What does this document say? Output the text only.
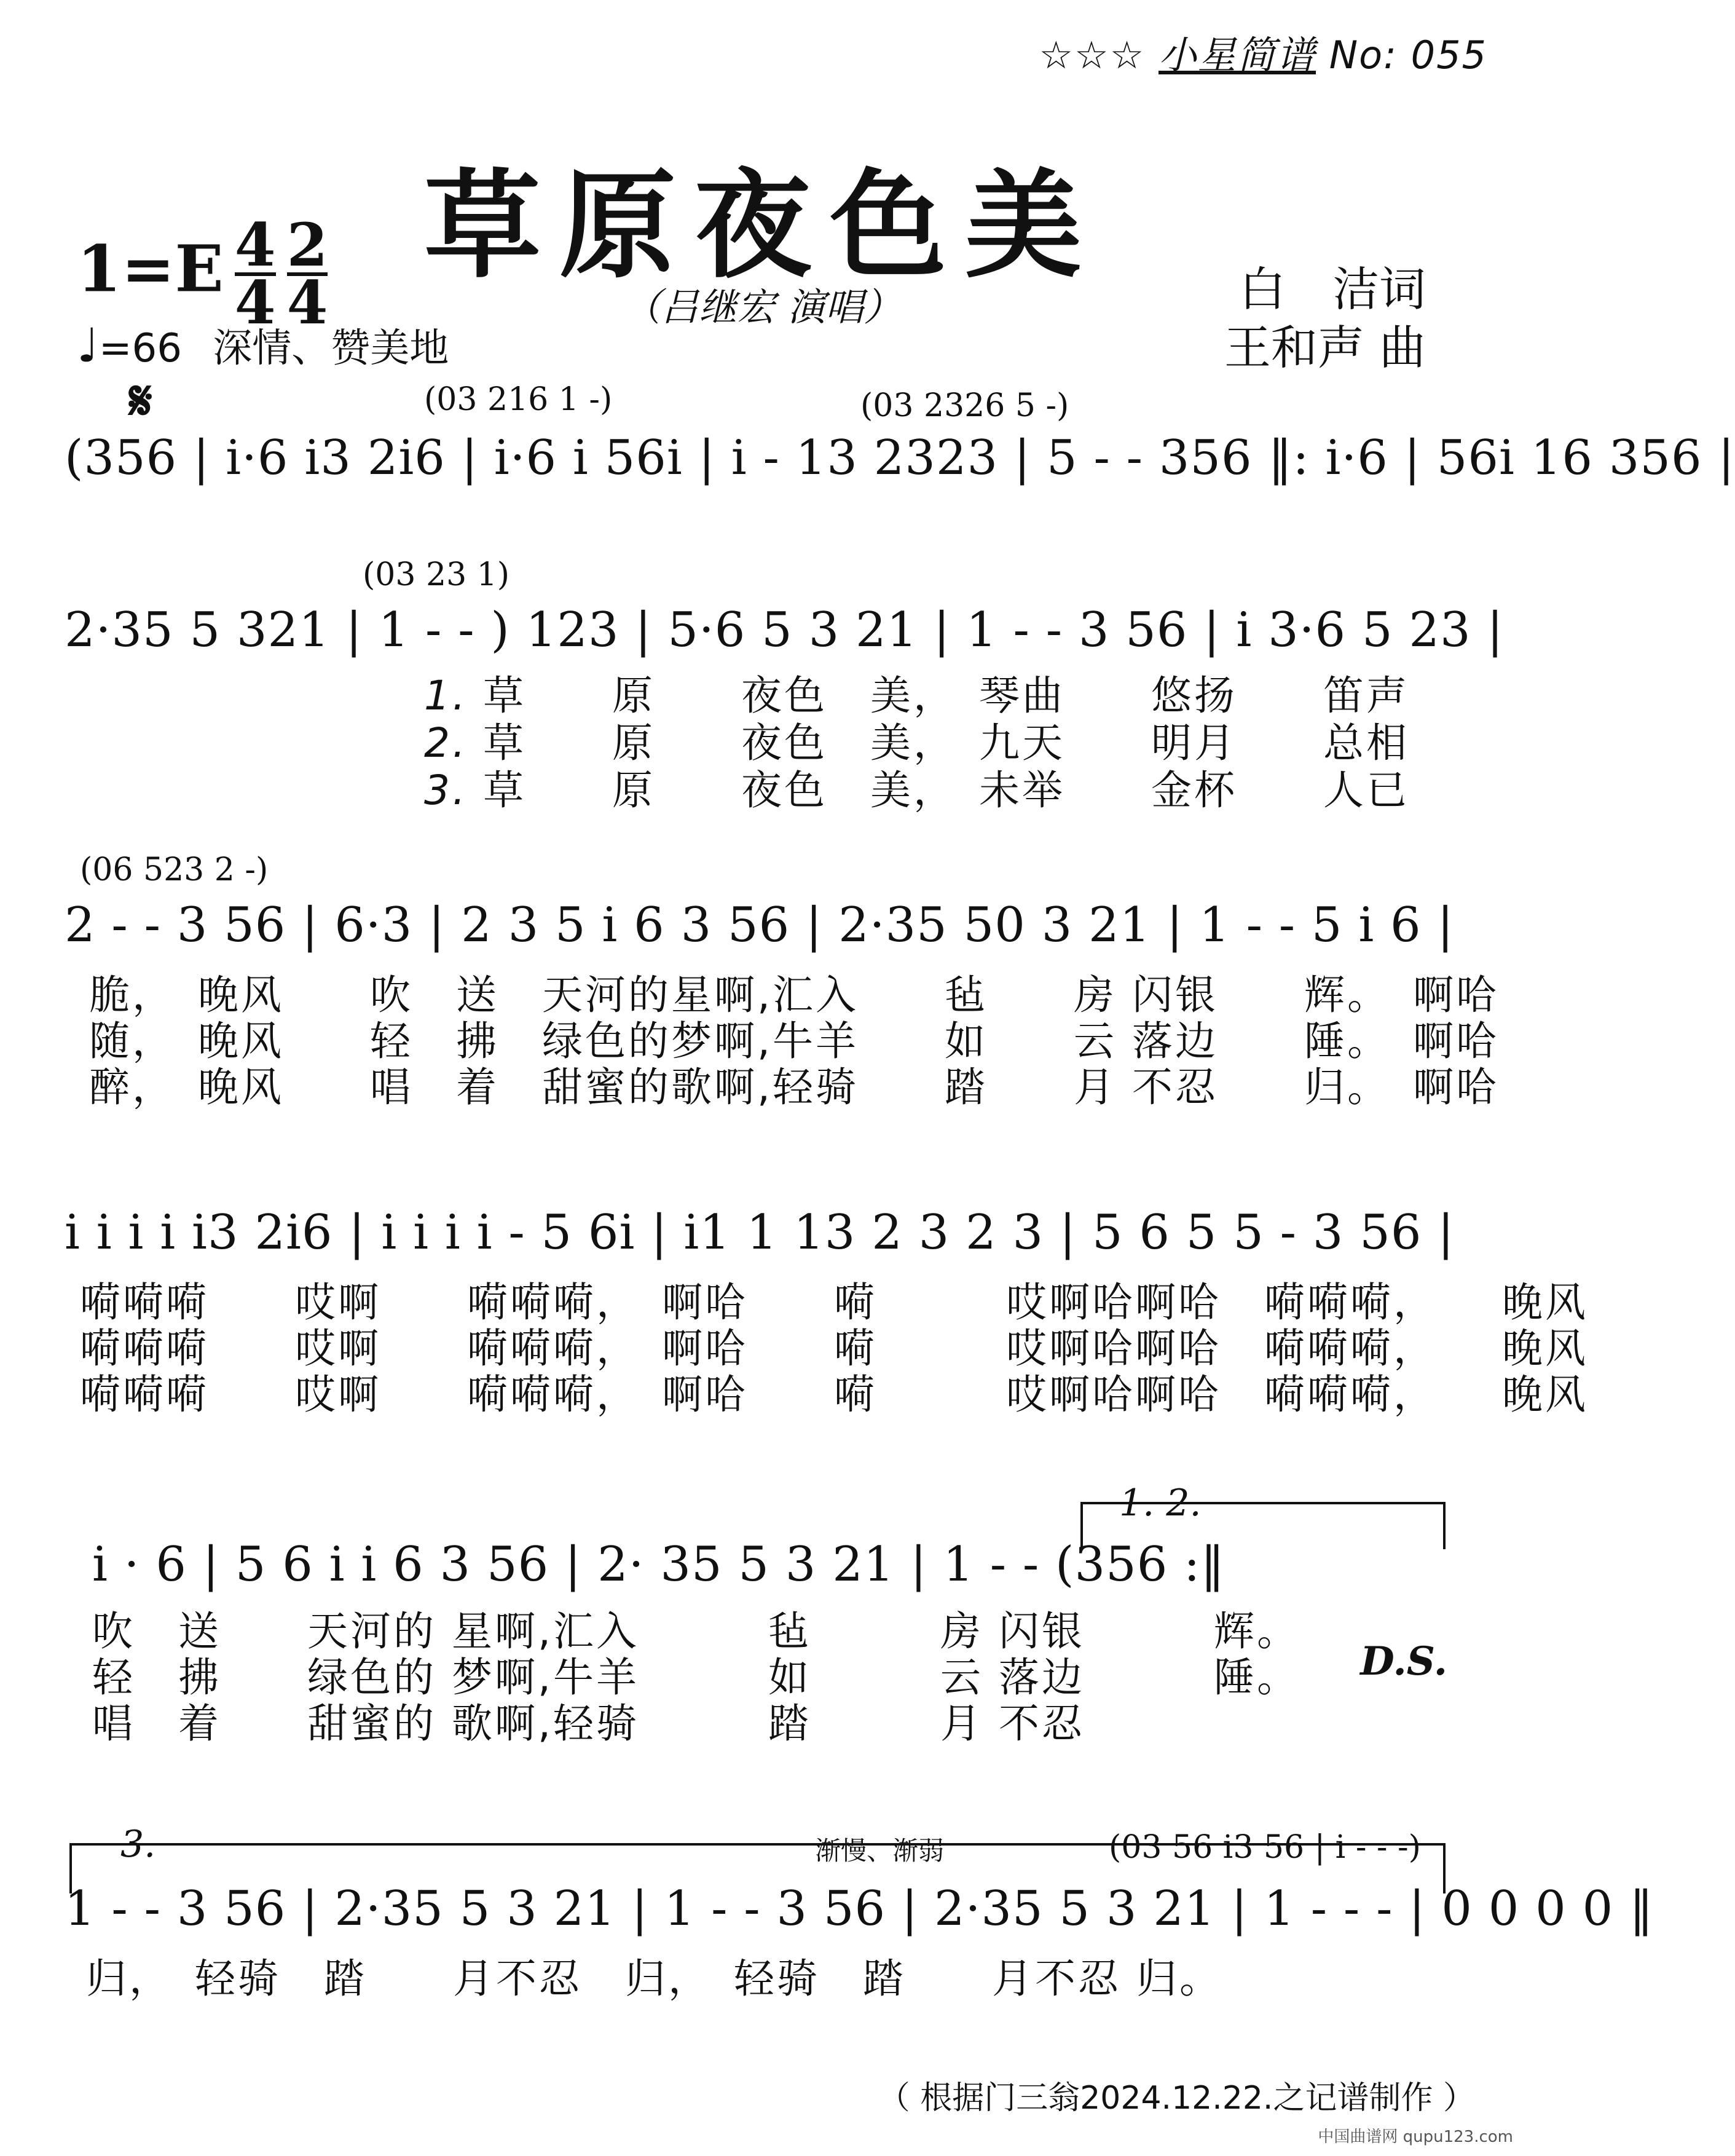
☆☆☆ 小星简谱 No: 055
草原夜色美
（吕继宏 演唱）
$1=E \frac{4}{4} \frac{2}{4}$
♩=66 深情、赞美地
白　洁词
王和声 曲
𝄋	(03 216 1 -)	(03 2326 5 -)
(356 | i·6 i3 2i6 | i·6 i 56i | i - 13 2323 | 5 - - 356 ‖: i·6 | 56i 16 356 |
(03 23 1)
2·35 5 321 | 1 - - ) 123 | 5·6 5 3 21 | 1 - - 3 56 | i 3·6 5 23 |
1. 草　　原　　夜色　美，　琴曲　　悠扬　　笛声
2. 草　　原　　夜色　美，　九天　　明月　　总相
3. 草　　原　　夜色　美，　未举　　金杯　　人已
(06 523 2 -)
2 - - 3 56 | 6·3 | 2 3 5 i 6 3 56 | 2·35 50 3 21 | 1 - - 5 i 6 |
脆，　晚风　　吹　送　天河的星啊,汇入　　毡　　房 闪银　　辉。　啊哈
随，　晚风　　轻　拂　绿色的梦啊,牛羊　　如　　云 落边　　陲。　啊哈
醉，　晚风　　唱　着　甜蜜的歌啊,轻骑　　踏　　月 不忍　　归。　啊哈
i i i i i3 2i6 | i i i i - 5 6i | i1 1 13 2 3 2 3 | 5 6 5 5 - 3 56 |
嗬嗬嗬　　哎啊　　嗬嗬嗬，　啊哈　　嗬　　　哎啊哈啊哈　嗬嗬嗬，　　晚风
嗬嗬嗬　　哎啊　　嗬嗬嗬，　啊哈　　嗬　　　哎啊哈啊哈　嗬嗬嗬，　　晚风
嗬嗬嗬　　哎啊　　嗬嗬嗬，　啊哈　　嗬　　　哎啊哈啊哈　嗬嗬嗬，　　晚风
1. 2.
i · 6 | 5 6 i i 6 3 56 | 2· 35 5 3 21 | 1 - - (356 :‖
吹　送　　天河的 星啊,汇入　　　毡　　　房 闪银　　　辉。
轻　拂　　绿色的 梦啊,牛羊　　　如　　　云 落边　　　陲。
唱　着　　甜蜜的 歌啊,轻骑　　　踏　　　月 不忍
D.S.
3.	渐慢、渐弱	(03 56 i3 56 | i - - -)
1 - - 3 56 | 2·35 5 3 21 | 1 - - 3 56 | 2·35 5 3 21 | 1 - - - | 0 0 0 0 ‖
归，　轻骑　踏　　月不忍　归，　轻骑　踏　　月不忍 归。
（ 根据门三翁2024.12.22.之记谱制作 ）
中国曲谱网 qupu123.com
